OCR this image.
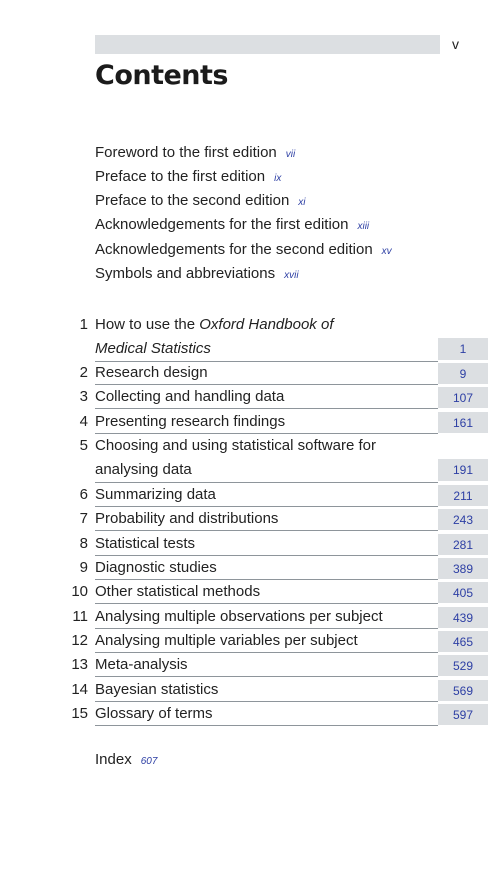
v
Contents
Foreword to the first edition vii
Preface to the first edition ix
Preface to the second edition xi
Acknowledgements for the first edition xiii
Acknowledgements for the second edition xv
Symbols and abbreviations xvii
1 How to use the Oxford Handbook of
Medical Statistics	1
2 Research design	9
3 Collecting and handling data	107
4 Presenting research findings	161
5 Choosing and using statistical software for
analysing data	191
6 Summarizing data	211
7 Probability and distributions	243
8 Statistical tests	281
9 Diagnostic studies	389
10 Other statistical methods	405
11 Analysing multiple observations per subject	439
12 Analysing multiple variables per subject	465
13 Meta-analysis	529
14 Bayesian statistics	569
15 Glossary of terms	597
Index 607
